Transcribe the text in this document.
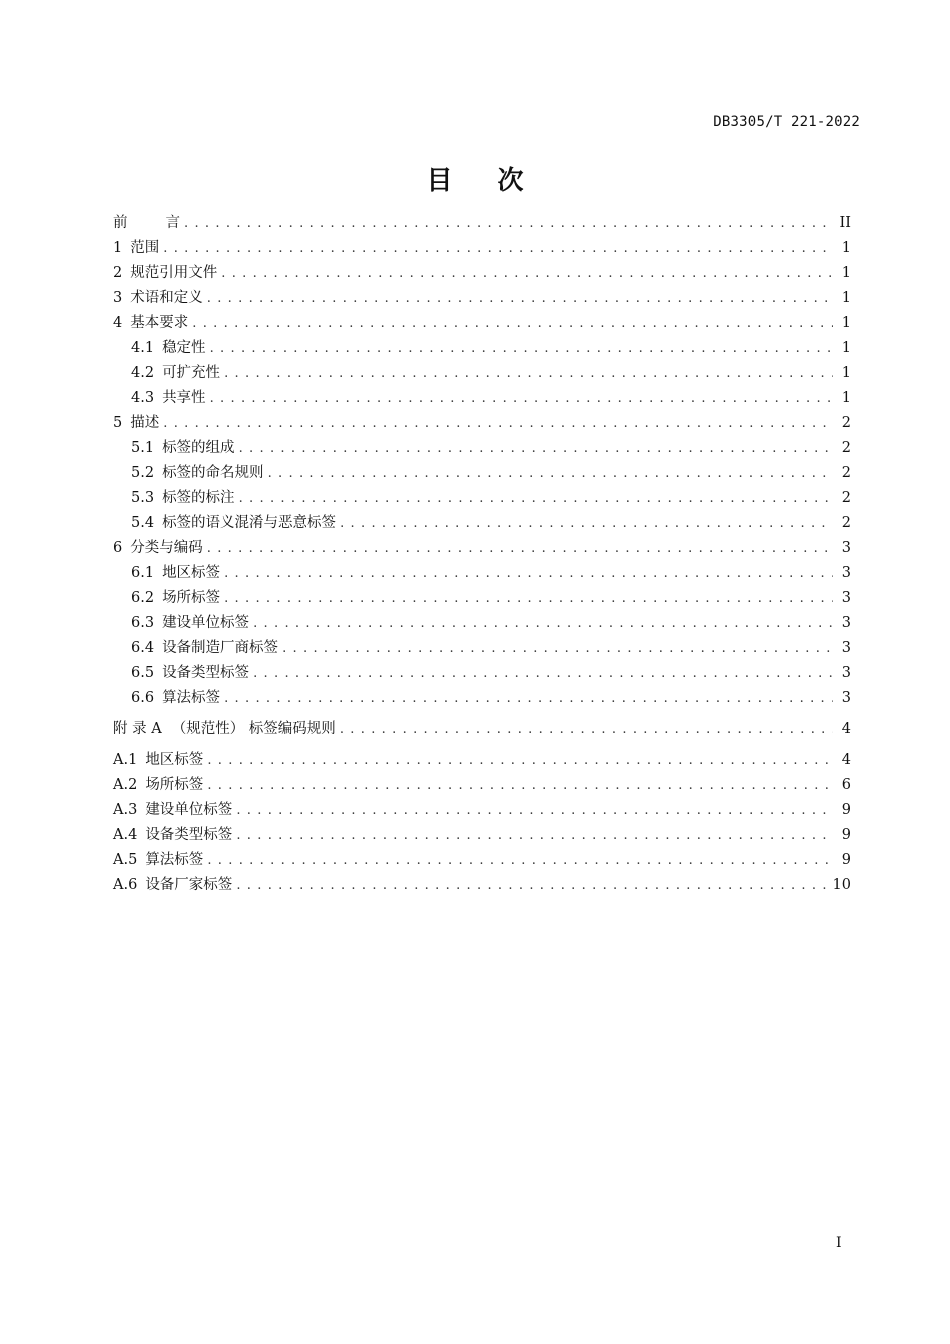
DB3305/T 221-2022
目 次
前	言 . . .	II
1 范围 . . .	1
2 规范引用文件 . . .	1
3 术语和定义 . . .	1
4 基本要求 . . .	1
4.1 稳定性 . . .	1
4.2 可扩充性 . . .	1
4.3 共享性 . . .	1
5 描述 . . .	2
5.1 标签的组成 . . .	2
5.2 标签的命名规则 . . .	2
5.3 标签的标注 . . .	2
5.4 标签的语义混淆与恶意标签 . . .	2
6 分类与编码 . . .	3
6.1 地区标签 . . .	3
6.2 场所标签 . . .	3
6.3 建设单位标签 . . .	3
6.4 设备制造厂商标签 . . .	3
6.5 设备类型标签 . . .	3
6.6 算法标签 . . .	3
附 录 A （规范性） 标签编码规则 . . .	4
A.1 地区标签 . . .	4
A.2 场所标签 . . .	6
A.3 建设单位标签 . . .	9
A.4 设备类型标签 . . .	9
A.5 算法标签 . . .	9
A.6 设备厂家标签 . . .	10
I
